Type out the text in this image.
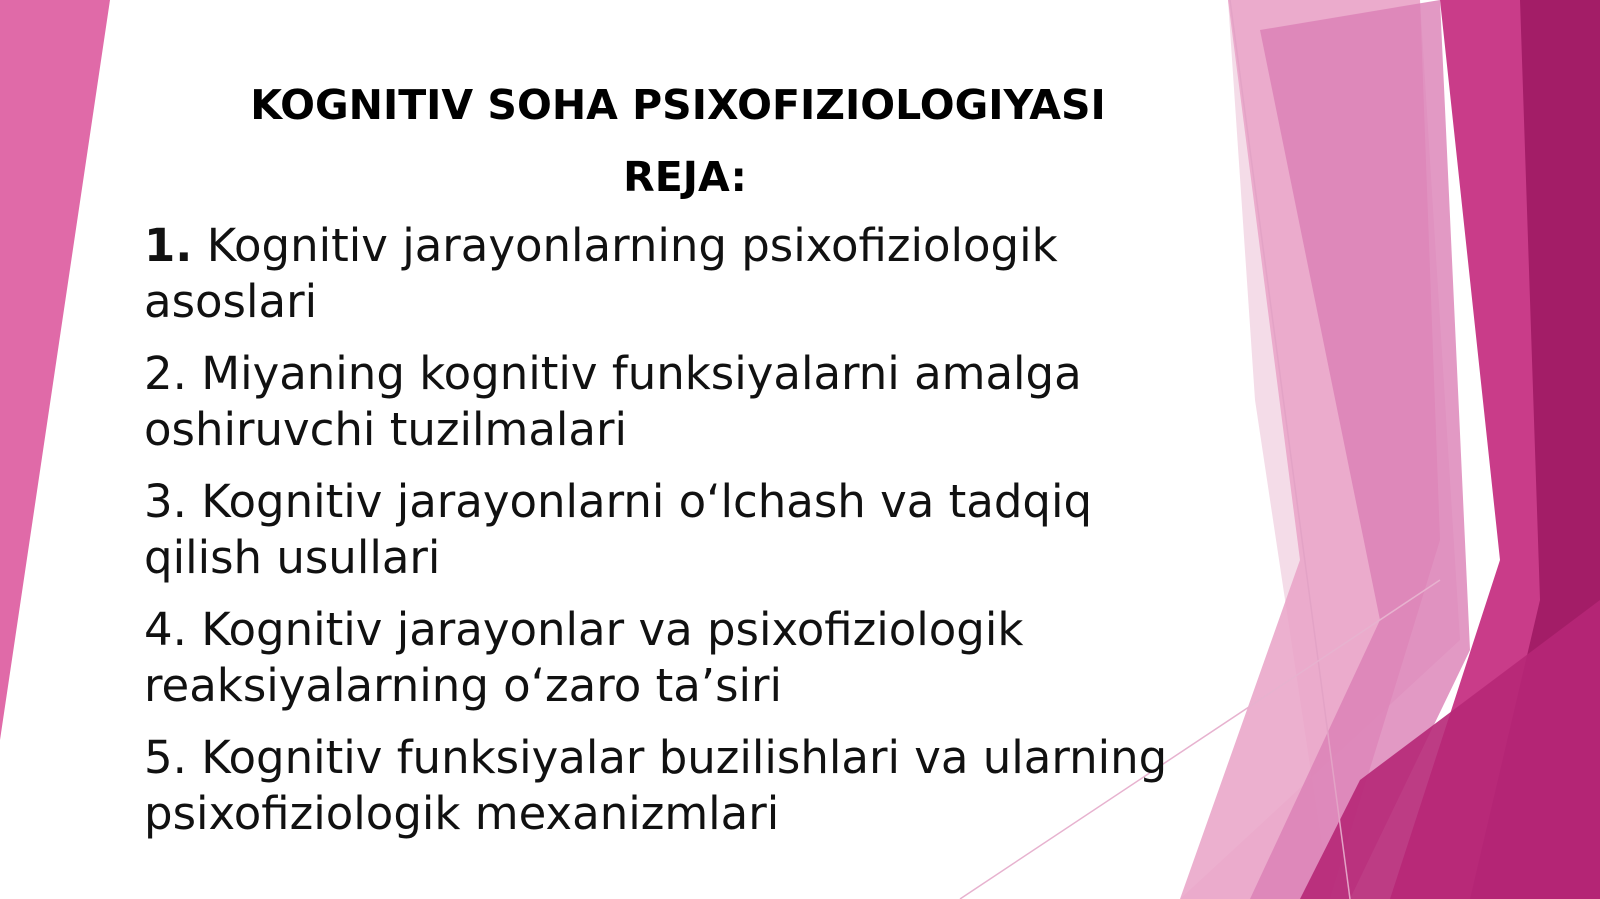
KOGNITIV SOHA PSIXOFIZIOLOGIYASI
REJA:
1. Kognitiv jarayonlarning psixofiziologik asoslari
2. Miyaning kognitiv funksiyalarni amalga oshiruvchi tuzilmalari
3. Kognitiv jarayonlarni o‘lchash va tadqiq qilish usullari
4. Kognitiv jarayonlar va psixofiziologik reaksiyalarning o‘zaro ta’siri
5. Kognitiv funksiyalar buzilishlari va ularning psixofiziologik mexanizmlari
